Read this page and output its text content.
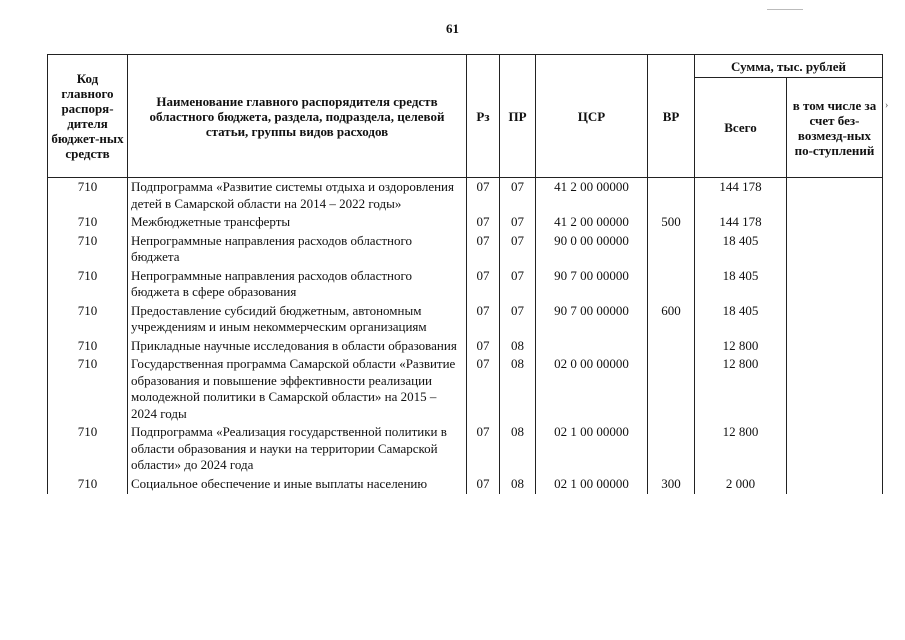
61
Код главного распоря-дителя бюджет-ных средств	Наименование главного распорядителя средств областного бюджета, раздела, подраздела, целевой статьи, группы видов расходов	Рз	ПР	ЦСР	ВР	Сумма, тыс. рублей	
						Всего	в том числе за счет без-возмезд-ных по-ступлений
710	Подпрограмма «Развитие системы отдыха и оздоровления детей в Самарской области на 2014 – 2022 годы»	07	07	41 2 00 00000		144 178	
710	Межбюджетные трансферты	07	07	41 2 00 00000	500	144 178	
710	Непрограммные направления расходов областного бюджета	07	07	90 0 00 00000		18 405	
710	Непрограммные направления расходов областного бюджета в сфере образования	07	07	90 7 00 00000		18 405	
710	Предоставление субсидий бюджетным, автономным учреждениям и иным некоммерческим организациям	07	07	90 7 00 00000	600	18 405	
710	Прикладные научные исследования в области образования	07	08			12 800	
710	Государственная программа Самарской области «Развитие образования и повышение эффективности реализации молодежной политики в Самарской области» на 2015 – 2024 годы	07	08	02 0 00 00000		12 800	
710	Подпрограмма «Реализация государственной политики в области образования и науки на территории Самарской области» до 2024 года	07	08	02 1 00 00000		12 800	
710	Социальное обеспечение и иные выплаты населению	07	08	02 1 00 00000	300	2 000	
›
